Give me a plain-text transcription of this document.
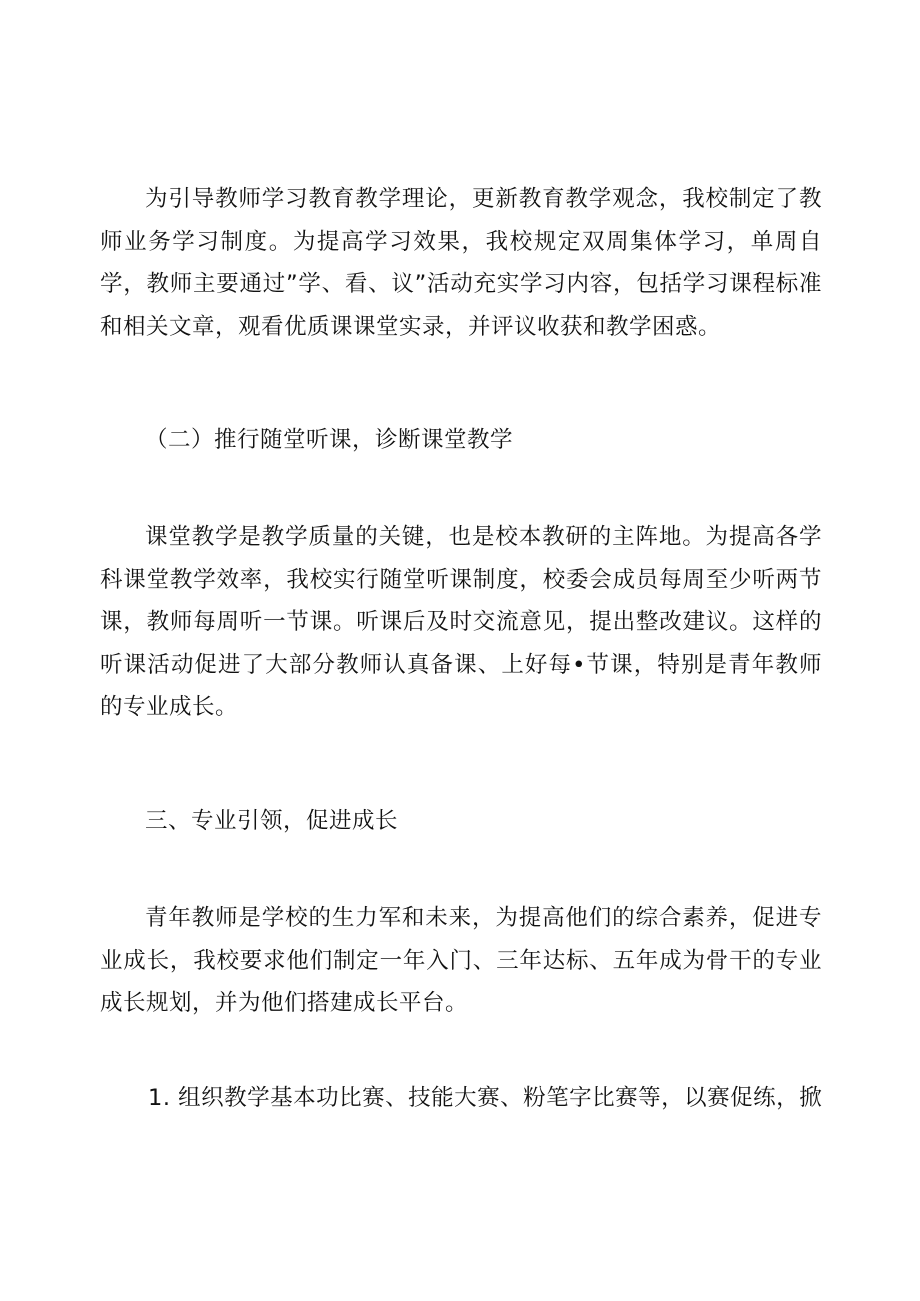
为引导教师学习教育教学理论，更新教育教学观念，我校制定了教师业务学习制度。为提高学习效果，我校规定双周集体学习，单周自学，教师主要通过”学、看、议”活动充实学习内容，包括学习课程标准和相关文章，观看优质课课堂实录，并评议收获和教学困惑。

（二）推行随堂听课，诊断课堂教学

课堂教学是教学质量的关键，也是校本教研的主阵地。为提高各学科课堂教学效率，我校实行随堂听课制度，校委会成员每周至少听两节课，教师每周听一节课。听课后及时交流意见，提出整改建议。这样的听课活动促进了大部分教师认真备课、上好每•节课，特别是青年教师的专业成长。

三、专业引领，促进成长

青年教师是学校的生力军和未来，为提高他们的综合素养，促进专业成长，我校要求他们制定一年入门、三年达标、五年成为骨干的专业成长规划，并为他们搭建成长平台。

1. 组织教学基本功比赛、技能大赛、粉笔字比赛等，以赛促练，掀
